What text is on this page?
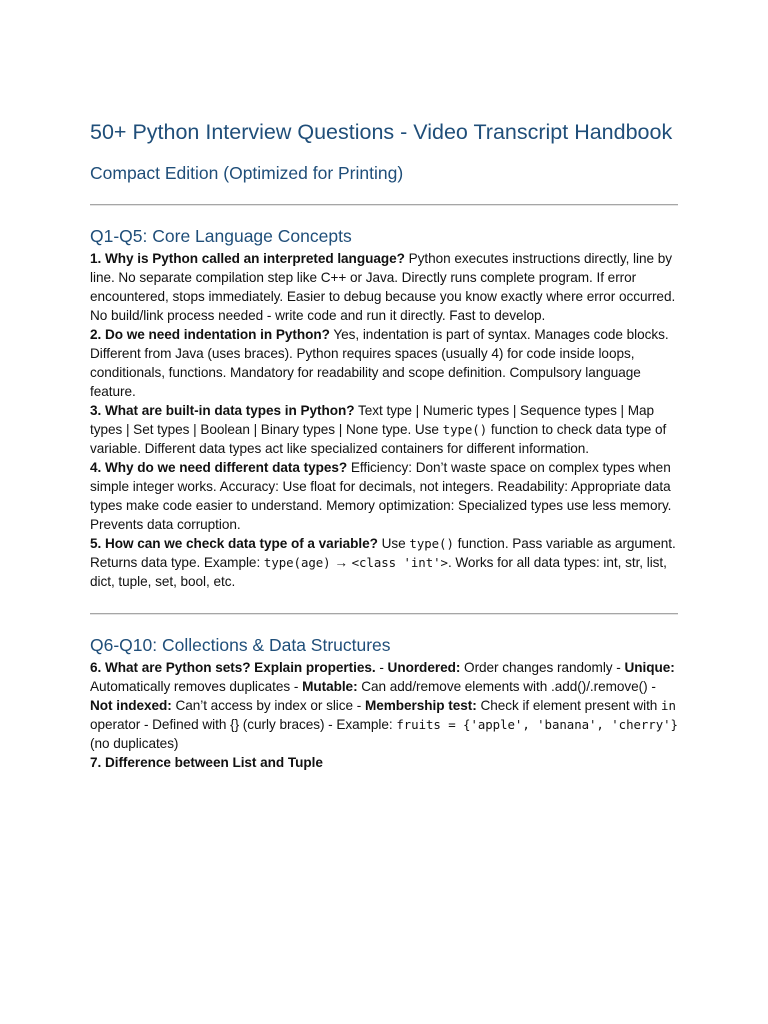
50+ Python Interview Questions - Video Transcript Handbook
Compact Edition (Optimized for Printing)
Q1-Q5: Core Language Concepts

1. Why is Python called an interpreted language? Python executes instructions directly, line by line. No separate compilation step like C++ or Java. Directly runs complete program. If error encountered, stops immediately. Easier to debug because you know exactly where error occurred. No build/link process needed - write code and run it directly. Fast to develop.

2. Do we need indentation in Python? Yes, indentation is part of syntax. Manages code blocks. Different from Java (uses braces). Python requires spaces (usually 4) for code inside loops, conditionals, functions. Mandatory for readability and scope definition. Compulsory language feature.

3. What are built-in data types in Python? Text type | Numeric types | Sequence types | Map types | Set types | Boolean | Binary types | None type. Use type() function to check data type of variable. Different data types act like specialized containers for different information.

4. Why do we need different data types? Efficiency: Don’t waste space on complex types when simple integer works. Accuracy: Use float for decimals, not integers. Readability: Appropriate data types make code easier to understand. Memory optimization: Specialized types use less memory. Prevents data corruption.

5. How can we check data type of a variable? Use type() function. Pass variable as argument. Returns data type. Example: type(age) → <class 'int'>. Works for all data types: int, str, list, dict, tuple, set, bool, etc.

Q6-Q10: Collections & Data Structures

6. What are Python sets? Explain properties. - Unordered: Order changes randomly - Unique: Automatically removes duplicates - Mutable: Can add/remove elements with .add()/.remove() - Not indexed: Can’t access by index or slice - Membership test: Check if element present with in operator - Defined with {} (curly braces) - Example: fruits = {'apple', 'banana', 'cherry'} (no duplicates)

7. Difference between List and Tuple
